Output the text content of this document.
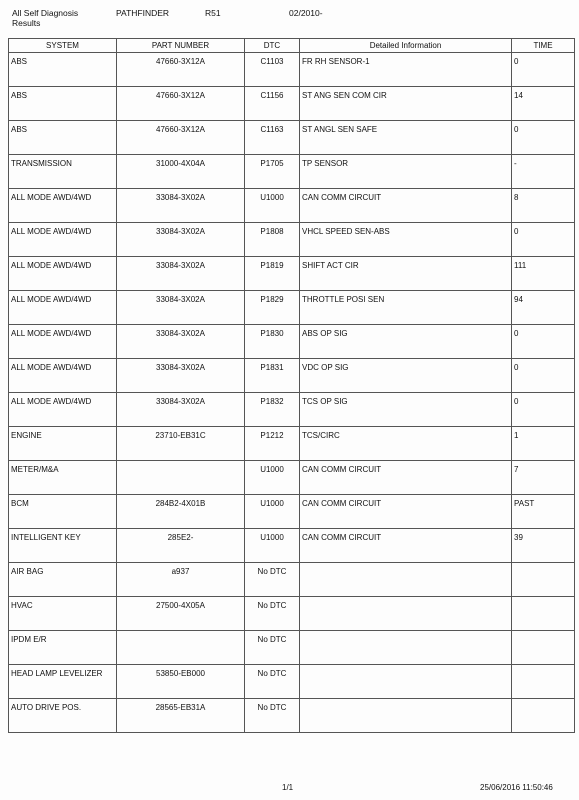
All Self Diagnosis Results
PATHFINDER	R51	02/2010-
SYSTEM	PART NUMBER	DTC	Detailed Information	TIME
ABS	47660-3X12A	C1103	FR RH SENSOR-1	0
ABS	47660-3X12A	C1156	ST ANG SEN COM CIR	14
ABS	47660-3X12A	C1163	ST ANGL SEN SAFE	0
TRANSMISSION	31000-4X04A	P1705	TP SENSOR	-
ALL MODE AWD/4WD	33084-3X02A	U1000	CAN COMM CIRCUIT	8
ALL MODE AWD/4WD	33084-3X02A	P1808	VHCL SPEED SEN-ABS	0
ALL MODE AWD/4WD	33084-3X02A	P1819	SHIFT ACT CIR	111
ALL MODE AWD/4WD	33084-3X02A	P1829	THROTTLE POSI SEN	94
ALL MODE AWD/4WD	33084-3X02A	P1830	ABS OP SIG	0
ALL MODE AWD/4WD	33084-3X02A	P1831	VDC OP SIG	0
ALL MODE AWD/4WD	33084-3X02A	P1832	TCS OP SIG	0
ENGINE	23710-EB31C	P1212	TCS/CIRC	1
METER/M&A		U1000	CAN COMM CIRCUIT	7
BCM	284B2-4X01B	U1000	CAN COMM CIRCUIT	PAST
INTELLIGENT KEY	285E2-	U1000	CAN COMM CIRCUIT	39
AIR BAG	a937	No DTC		
HVAC	27500-4X05A	No DTC		
IPDM E/R		No DTC		
HEAD LAMP LEVELIZER	53850-EB000	No DTC		
AUTO DRIVE POS.	28565-EB31A	No DTC		
1/1	25/06/2016 11:50:46
